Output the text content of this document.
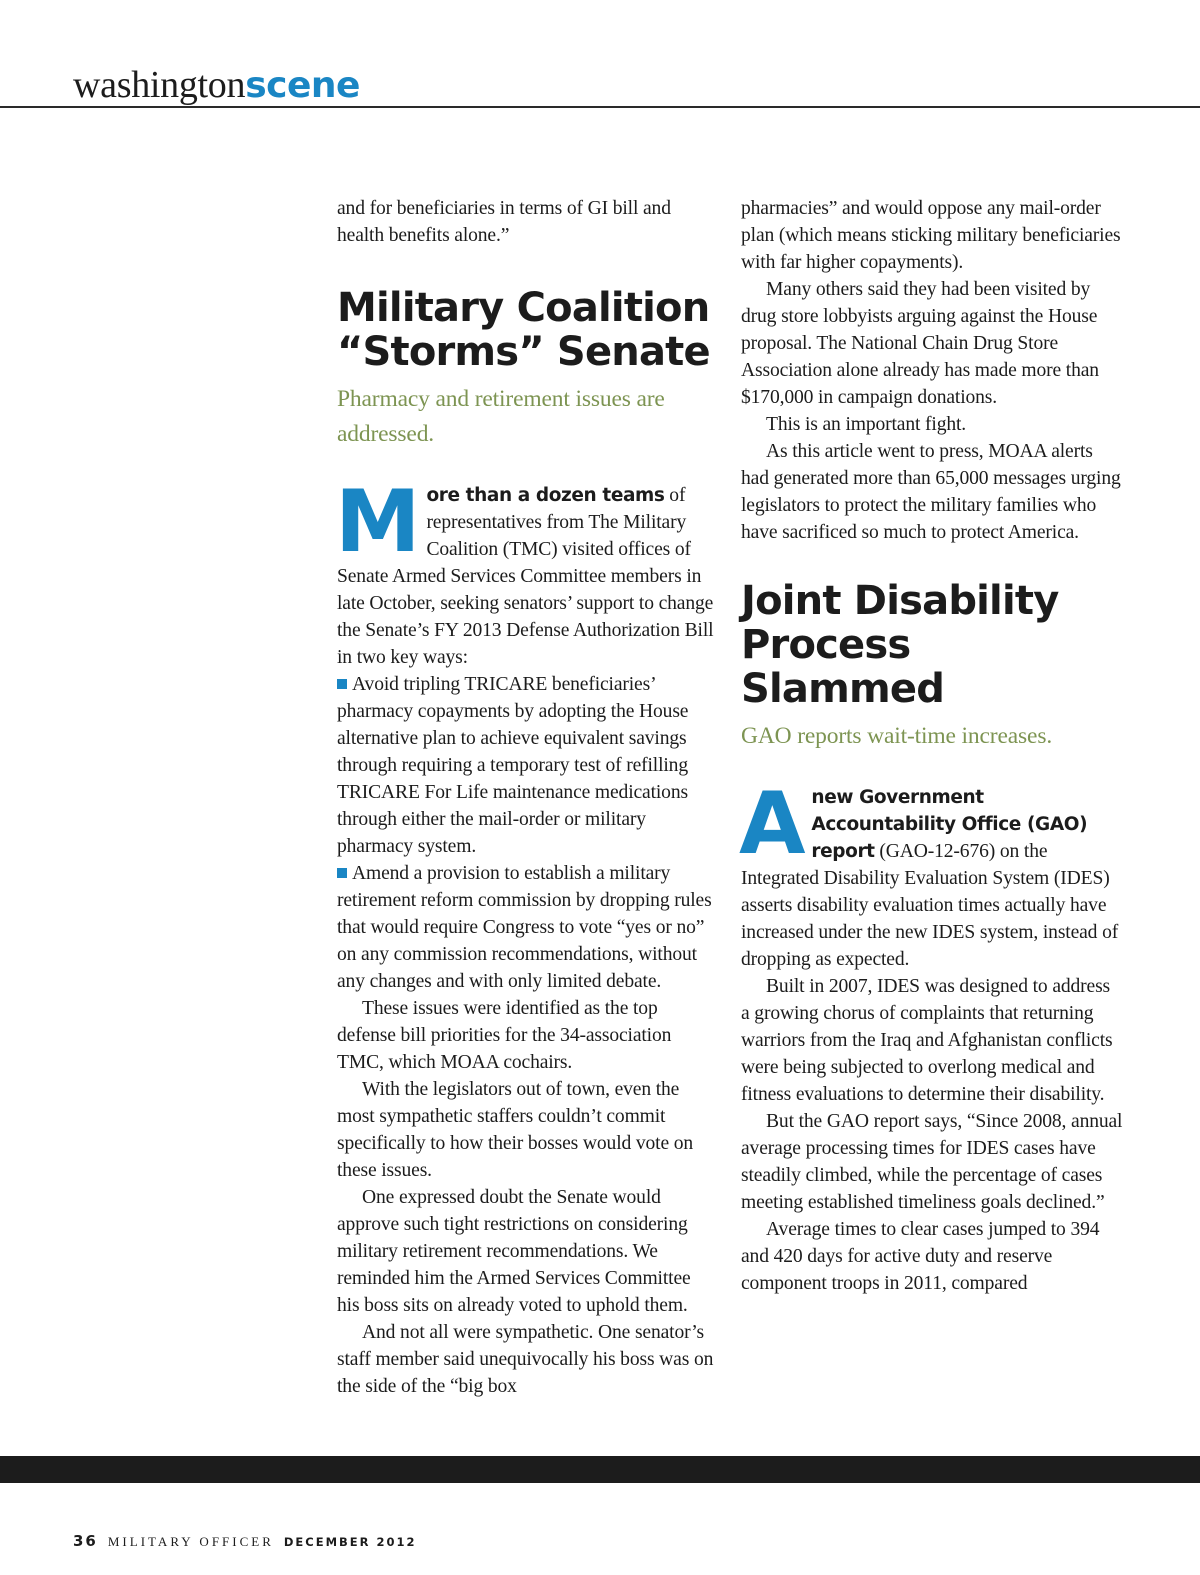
washingtonscene

and for beneficiaries in terms of GI bill and health benefits alone.”

Military Coalition
“Storms” Senate

Pharmacy and retirement issues are addressed.

More than a dozen teams of representatives from The Military Coalition (TMC) visited offices of Senate Armed Services Committee members in late October, seeking senators’ support to change the Senate’s FY 2013 Defense Authorization Bill in two key ways:

Avoid tripling TRICARE beneficiaries’ pharmacy copayments by adopting the House alternative plan to achieve equivalent savings through requiring a temporary test of refilling TRICARE For Life maintenance medications through either the mail-order or military pharmacy system.

Amend a provision to establish a military retirement reform commission by dropping rules that would require Congress to vote “yes or no” on any commission recommendations, without any changes and with only limited debate.

These issues were identified as the top defense bill priorities for the 34-association TMC, which MOAA cochairs.

With the legislators out of town, even the most sympathetic staffers couldn’t commit specifically to how their bosses would vote on these issues.

One expressed doubt the Senate would approve such tight restrictions on considering military retirement recommendations. We reminded him the Armed Services Committee his boss sits on already voted to uphold them.

And not all were sympathetic. One senator’s staff member said unequivocally his boss was on the side of the “big box

pharmacies” and would oppose any mail-order plan (which means sticking military beneficiaries with far higher copayments).

Many others said they had been visited by drug store lobbyists arguing against the House proposal. The National Chain Drug Store Association alone already has made more than $170,000 in campaign donations.

This is an important fight.

As this article went to press, MOAA alerts had generated more than 65,000 messages urging legislators to protect the military families who have sacrificed so much to protect America.

Joint Disability
Process
Slammed

GAO reports wait-time increases.

Anew Government Accountability Office (GAO) report (GAO-12-676) on the Integrated Disability Evaluation System (IDES) asserts disability evaluation times actually have increased under the new IDES system, instead of dropping as expected.

Built in 2007, IDES was designed to address a growing chorus of complaints that returning warriors from the Iraq and Afghanistan conflicts were being subjected to overlong medical and fitness evaluations to determine their disability.

But the GAO report says, “Since 2008, annual average processing times for IDES cases have steadily climbed, while the percentage of cases meeting established timeliness goals declined.”

Average times to clear cases jumped to 394 and 420 days for active duty and reserve component troops in 2011, compared

36 MILITARY OFFICER DECEMBER 2012
